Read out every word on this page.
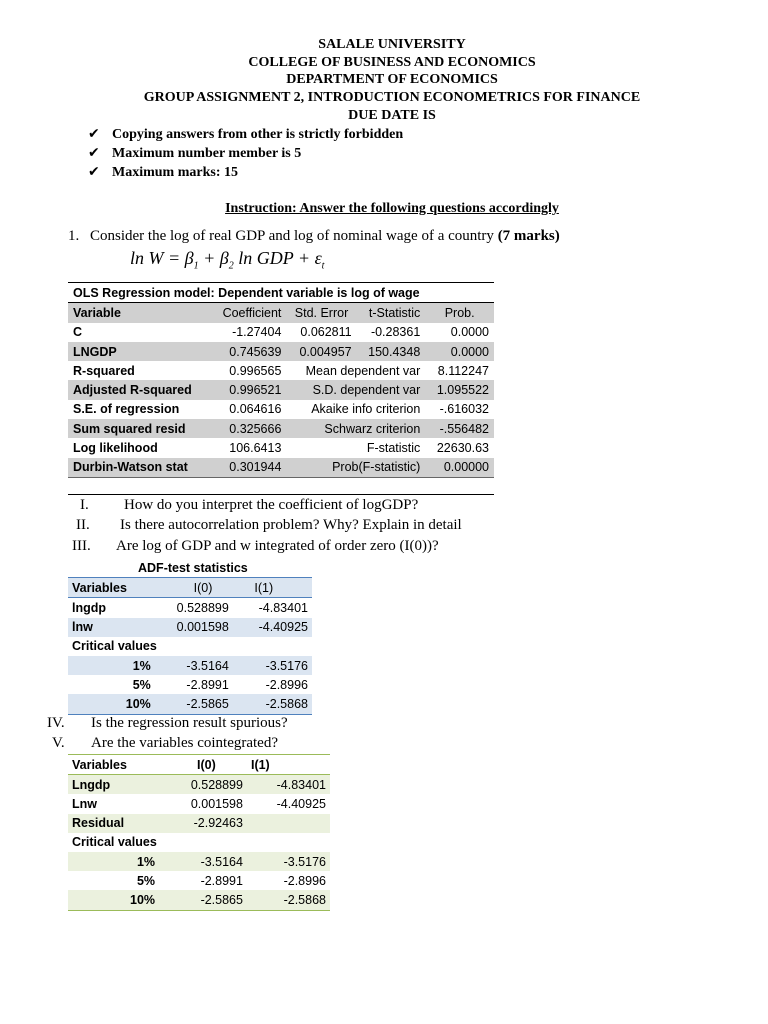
SALALE UNIVERSITY
COLLEGE OF BUSINESS AND ECONOMICS
DEPARTMENT OF ECONOMICS
GROUP ASSIGNMENT 2, INTRODUCTION ECONOMETRICS FOR FINANCE
DUE DATE IS
✔ Copying answers from other is strictly forbidden
✔ Maximum number member is 5
✔ Maximum marks: 15
Instruction: Answer the following questions accordingly
1. Consider the log of real GDP and log of nominal wage of a country (7 marks)
$\ln W = \beta_1 + \beta_2$ ln GDP + $\varepsilon_t$
OLS Regression model: Dependent variable is log of wage				
Variable	Coefficient	Std. Error	t-Statistic	Prob.
C	-1.27404	0.062811	-0.28361	0.0000
LNGDP	0.745639	0.004957	150.4348	0.0000
R-squared	0.996565	Mean dependent var		8.112247
Adjusted R-squared	0.996521	S.D. dependent var		1.095522
S.E. of regression	0.064616	Akaike info criterion		-.616032
Sum squared resid	0.325666	Schwarz criterion		-.556482
Log likelihood	106.6413	F-statistic		22630.63
Durbin-Watson stat	0.301944	Prob(F-statistic)		0.00000
I. How do you interpret the coefficient of logGDP?
II. Is there autocorrelation problem? Why? Explain in detail
III. Are log of GDP and w integrated of order zero (I(0))?
ADF-test statistics		
Variables	I(0) I(1)	
lngdp	0.528899	-4.83401
lnw	0.001598	-4.40925
Critical values		
1%	-3.5164	-3.5176
5%	-2.8991	-2.8996
10%	-2.5865	-2.5868
IV. Is the regression result spurious?
V. Are the variables cointegrated?
Variables	I(0)	I(1)
Lngdp	0.528899	-4.83401
Lnw	0.001598	-4.40925
Residual	-2.92463	
Critical values		
1%	-3.5164	-3.5176
5%	-2.8991	-2.8996
10%	-2.5865	-2.5868
